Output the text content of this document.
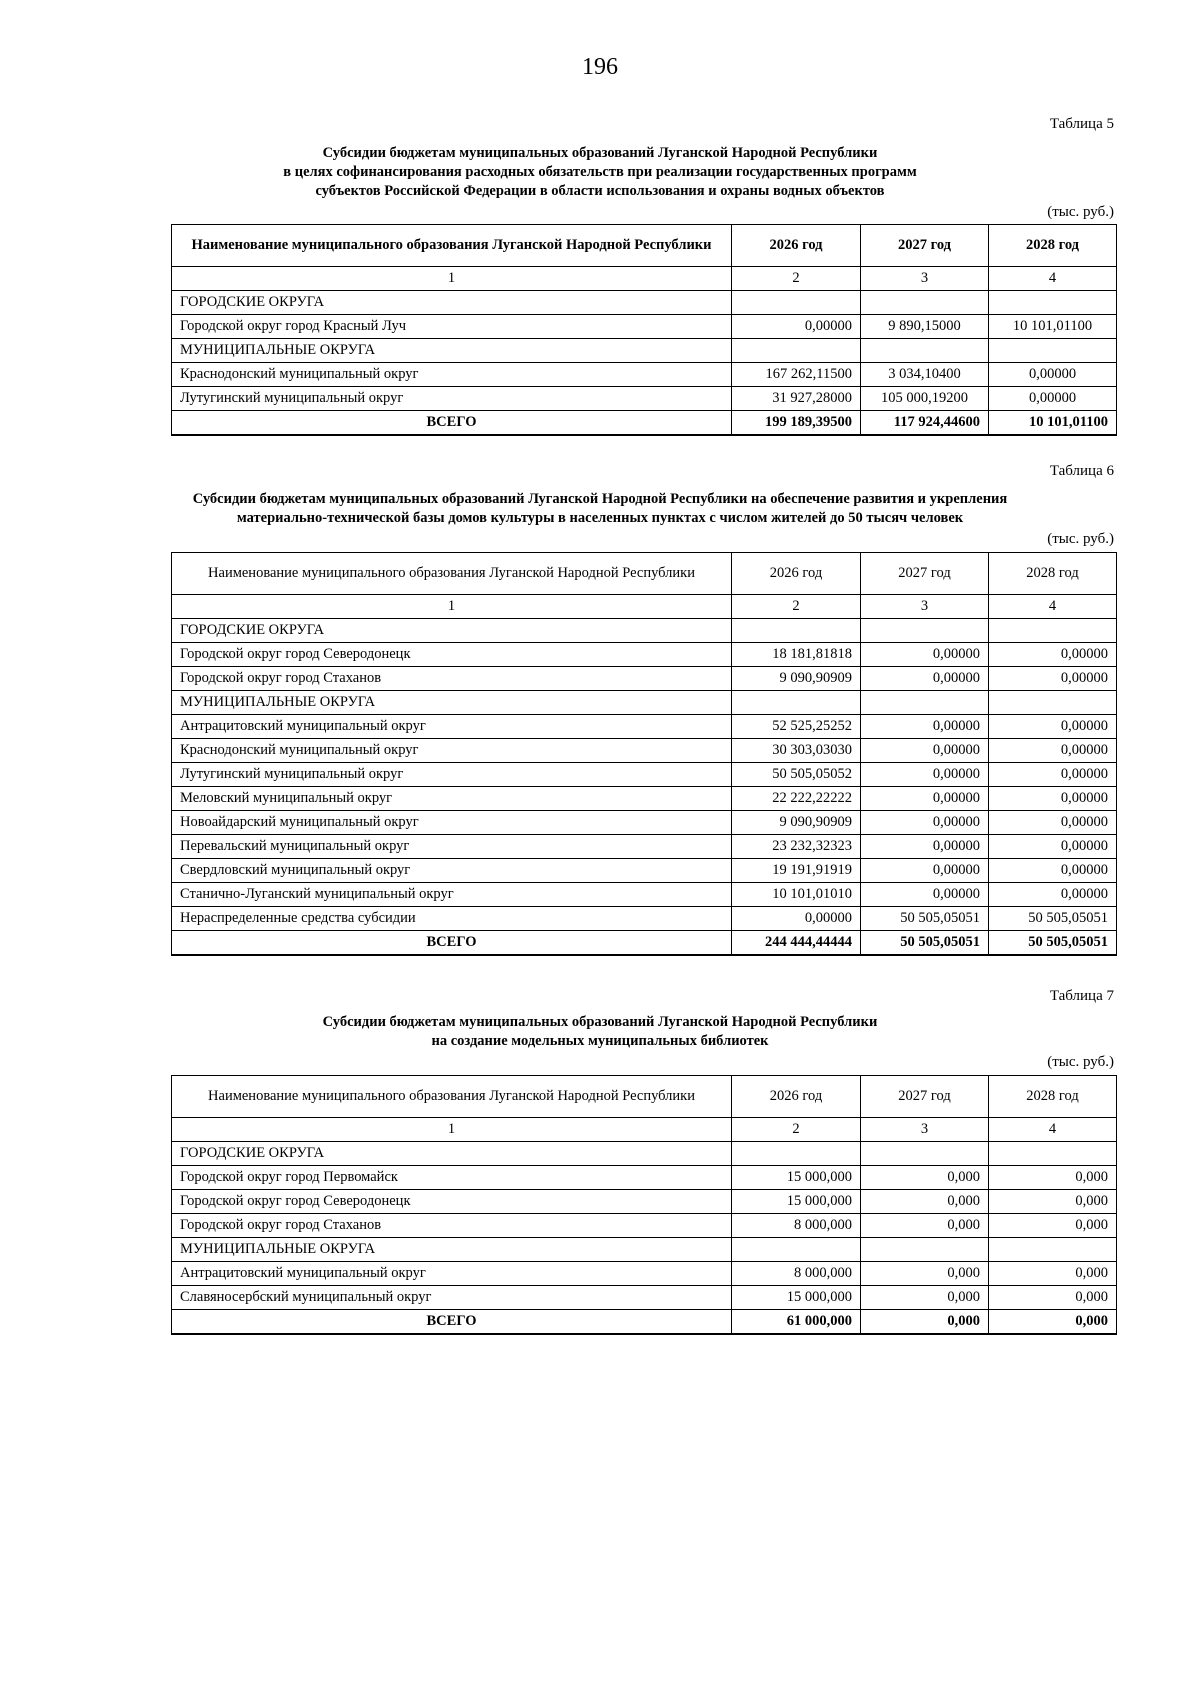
196
Таблица 5
Субсидии бюджетам муниципальных образований Луганской Народной Республики
в целях софинансирования расходных обязательств при реализации государственных программ
субъектов Российской Федерации в области использования и охраны водных объектов
(тыс. руб.)
Наименование муниципального образования Луганской Народной Республики	2026 год	2027 год	2028 год
1	2	3	4
ГОРОДСКИЕ ОКРУГА			
Городской округ город Красный Луч	0,00000	9 890,15000	10 101,01100
МУНИЦИПАЛЬНЫЕ ОКРУГА			
Краснодонский муниципальный округ	167 262,11500	3 034,10400	0,00000
Лутугинский муниципальный округ	31 927,28000	105 000,19200	0,00000
ВСЕГО	199 189,39500	117 924,44600	10 101,01100
Таблица 6
Субсидии бюджетам муниципальных образований Луганской Народной Республики на обеспечение развития и укрепления
материально-технической базы домов культуры в населенных пунктах с числом жителей до 50 тысяч человек
(тыс. руб.)
Наименование муниципального образования Луганской Народной Республики	2026 год	2027 год	2028 год
1	2	3	4
ГОРОДСКИЕ ОКРУГА			
Городской округ город Северодонецк	18 181,81818	0,00000	0,00000
Городской округ город Стаханов	9 090,90909	0,00000	0,00000
МУНИЦИПАЛЬНЫЕ ОКРУГА			
Антрацитовский муниципальный округ	52 525,25252	0,00000	0,00000
Краснодонский муниципальный округ	30 303,03030	0,00000	0,00000
Лутугинский муниципальный округ	50 505,05052	0,00000	0,00000
Меловский муниципальный округ	22 222,22222	0,00000	0,00000
Новоайдарский муниципальный округ	9 090,90909	0,00000	0,00000
Перевальский муниципальный округ	23 232,32323	0,00000	0,00000
Свердловский муниципальный округ	19 191,91919	0,00000	0,00000
Станично-Луганский муниципальный округ	10 101,01010	0,00000	0,00000
Нераспределенные средства субсидии	0,00000	50 505,05051	50 505,05051
ВСЕГО	244 444,44444	50 505,05051	50 505,05051
Таблица 7
Субсидии бюджетам муниципальных образований Луганской Народной Республики
на создание модельных муниципальных библиотек
(тыс. руб.)
Наименование муниципального образования Луганской Народной Республики	2026 год	2027 год	2028 год
1	2	3	4
ГОРОДСКИЕ ОКРУГА			
Городской округ город Первомайск	15 000,000	0,000	0,000
Городской округ город Северодонецк	15 000,000	0,000	0,000
Городской округ город Стаханов	8 000,000	0,000	0,000
МУНИЦИПАЛЬНЫЕ ОКРУГА			
Антрацитовский муниципальный округ	8 000,000	0,000	0,000
Славяносербский муниципальный округ	15 000,000	0,000	0,000
ВСЕГО	61 000,000	0,000	0,000
